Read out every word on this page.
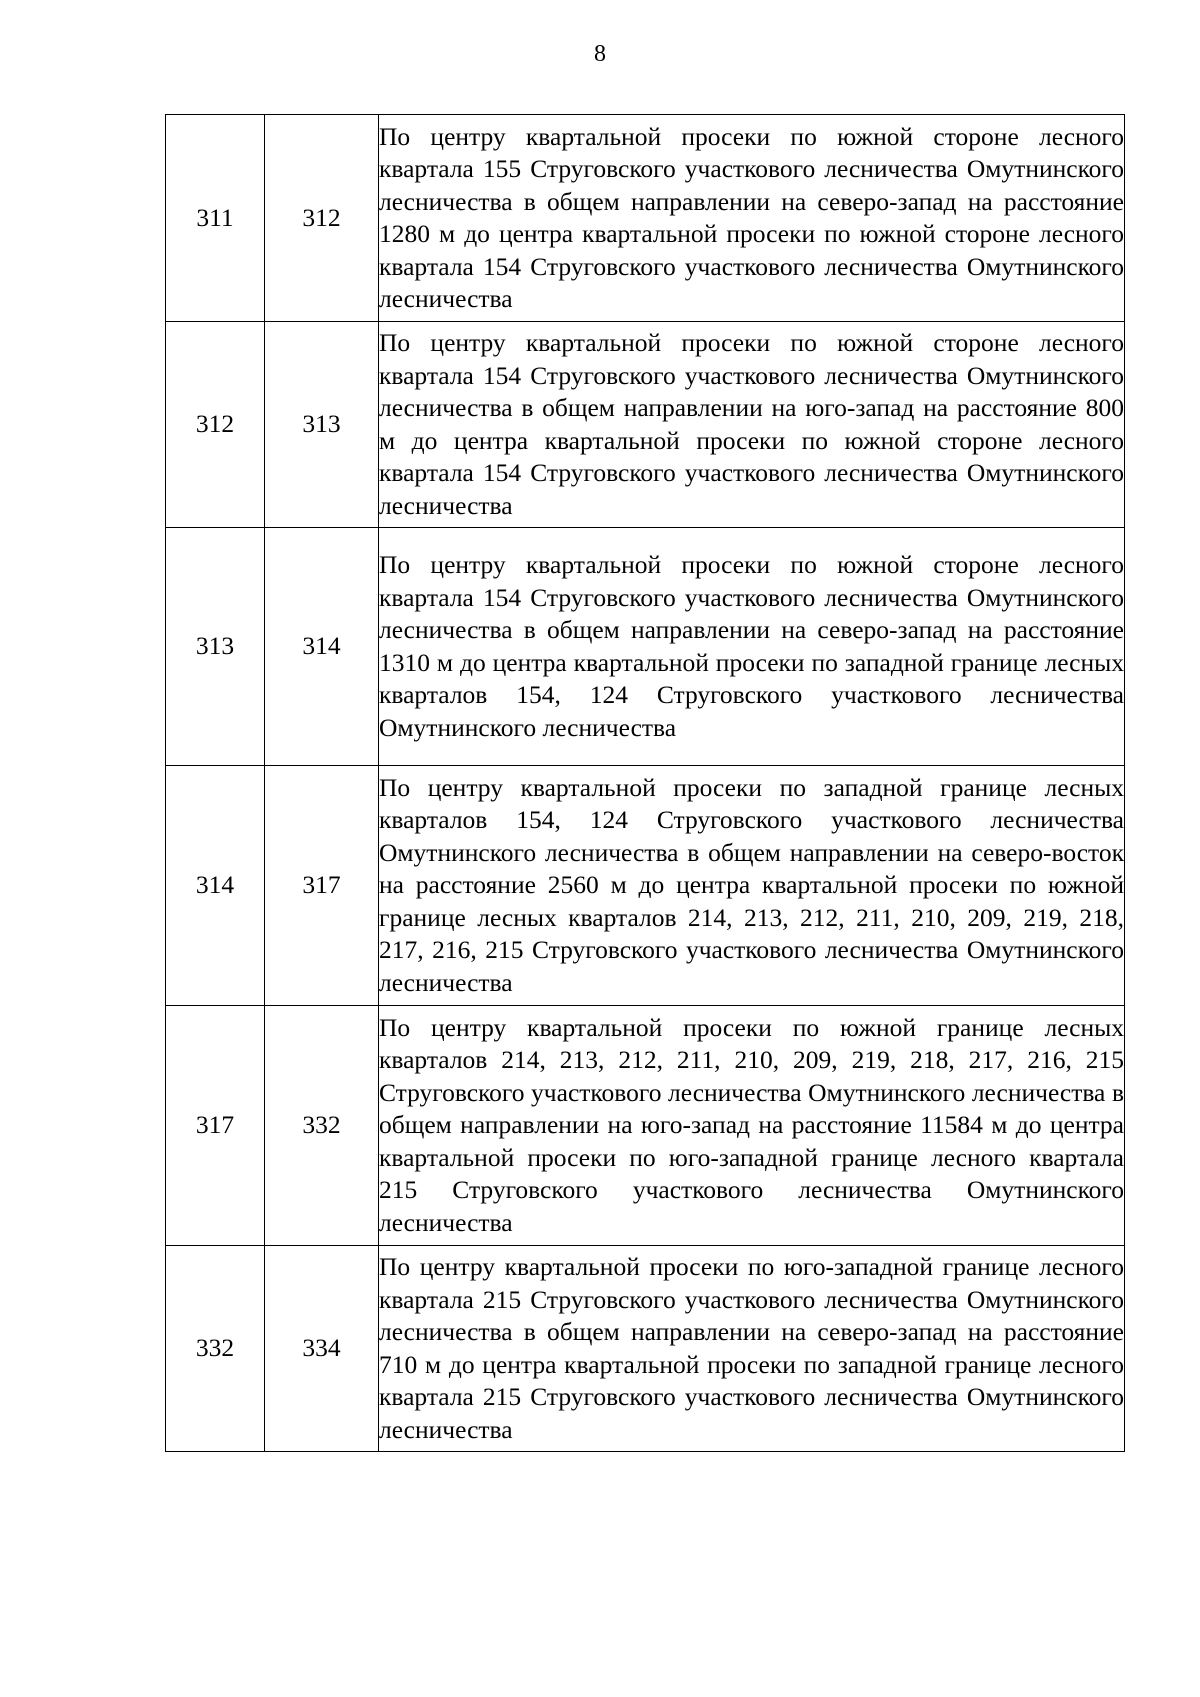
8
311	312	По центру квартальной просеки по южной стороне лесного квартала 155 Струговского участкового лесничества Омутнинского лесничества в общем направлении на северо-запад на расстояние 1280 м до центра квартальной просеки по южной стороне лесного квартала 154 Струговского участкового лесничества Омутнинского лесничества
312	313	По центру квартальной просеки по южной стороне лесного квартала 154 Струговского участкового лесничества Омутнинского лесничества в общем направлении на юго-запад на расстояние 800 м до центра квартальной просеки по южной стороне лесного квартала 154 Струговского участкового лесничества Омутнинского лесничества
313	314	По центру квартальной просеки по южной стороне лесного квартала 154 Струговского участкового лесничества Омутнинского лесничества в общем направлении на северо-запад на расстояние 1310 м до центра квартальной просеки по западной границе лесных кварталов 154, 124 Струговского участкового лесничества Омутнинского лесничества
314	317	По центру квартальной просеки по западной границе лесных кварталов 154, 124 Струговского участкового лесничества Омутнинского лесничества в общем направлении на северо-восток на расстояние 2560 м до центра квартальной просеки по южной границе лесных кварталов 214, 213, 212, 211, 210, 209, 219, 218, 217, 216, 215 Струговского участкового лесничества Омутнинского лесничества
317	332	По центру квартальной просеки по южной границе лесных кварталов 214, 213, 212, 211, 210, 209, 219, 218, 217, 216, 215 Струговского участкового лесничества Омутнинского лесничества в общем направлении на юго-запад на расстояние 11584 м до центра квартальной просеки по юго-западной границе лесного квартала 215 Струговского участкового лесничества Омутнинского лесничества
332	334	По центру квартальной просеки по юго-западной границе лесного квартала 215 Струговского участкового лесничества Омутнинского лесничества в общем направлении на северо-запад на расстояние 710 м до центра квартальной просеки по западной границе лесного квартала 215 Струговского участкового лесничества Омутнинского лесничества
